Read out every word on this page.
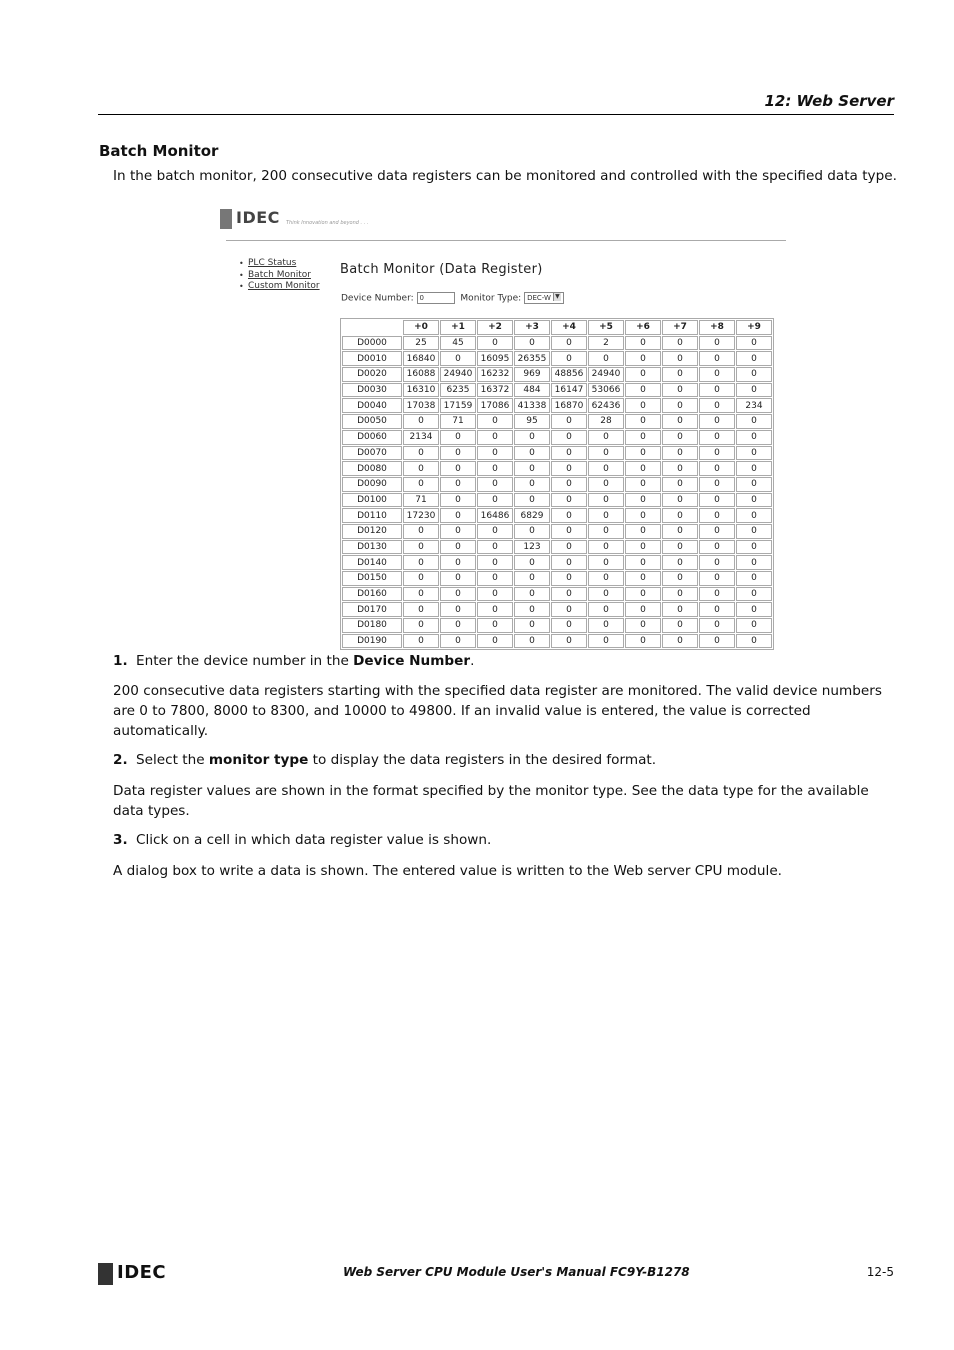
12: Web Server
Batch Monitor
In the batch monitor, 200 consecutive data registers can be monitored and controlled with the specified data type.
IDEC Think Innovation and beyond . . .
• PLC Status
• Batch Monitor
• Custom Monitor
Batch Monitor (Data Register)
Device Number: 0	Monitor Type: DEC-W ▼
	+0	+1	+2	+3	+4	+5	+6	+7	+8	+9
D0000	25	45	0	0	0	2	0	0	0	0
D0010	16840	0	16095	26355	0	0	0	0	0	0
D0020	16088	24940	16232	969	48856	24940	0	0	0	0
D0030	16310	6235	16372	484	16147	53066	0	0	0	0
D0040	17038	17159	17086	41338	16870	62436	0	0	0	234
D0050	0	71	0	95	0	28	0	0	0	0
D0060	2134	0	0	0	0	0	0	0	0	0
D0070	0	0	0	0	0	0	0	0	0	0
D0080	0	0	0	0	0	0	0	0	0	0
D0090	0	0	0	0	0	0	0	0	0	0
D0100	71	0	0	0	0	0	0	0	0	0
D0110	17230	0	16486	6829	0	0	0	0	0	0
D0120	0	0	0	0	0	0	0	0	0	0
D0130	0	0	0	123	0	0	0	0	0	0
D0140	0	0	0	0	0	0	0	0	0	0
D0150	0	0	0	0	0	0	0	0	0	0
D0160	0	0	0	0	0	0	0	0	0	0
D0170	0	0	0	0	0	0	0	0	0	0
D0180	0	0	0	0	0	0	0	0	0	0
D0190	0	0	0	0	0	0	0	0	0	0
1. Enter the device number in the Device Number.
200 consecutive data registers starting with the specified data register are monitored. The valid device numbers are 0 to 7800, 8000 to 8300, and 10000 to 49800. If an invalid value is entered, the value is corrected automatically.
2. Select the monitor type to display the data registers in the desired format.
Data register values are shown in the format specified by the monitor type. See the data type for the available data types.
3. Click on a cell in which data register value is shown.
A dialog box to write a data is shown. The entered value is written to the Web server CPU module.
IDEC	Web Server CPU Module User's Manual FC9Y-B1278	12-5
